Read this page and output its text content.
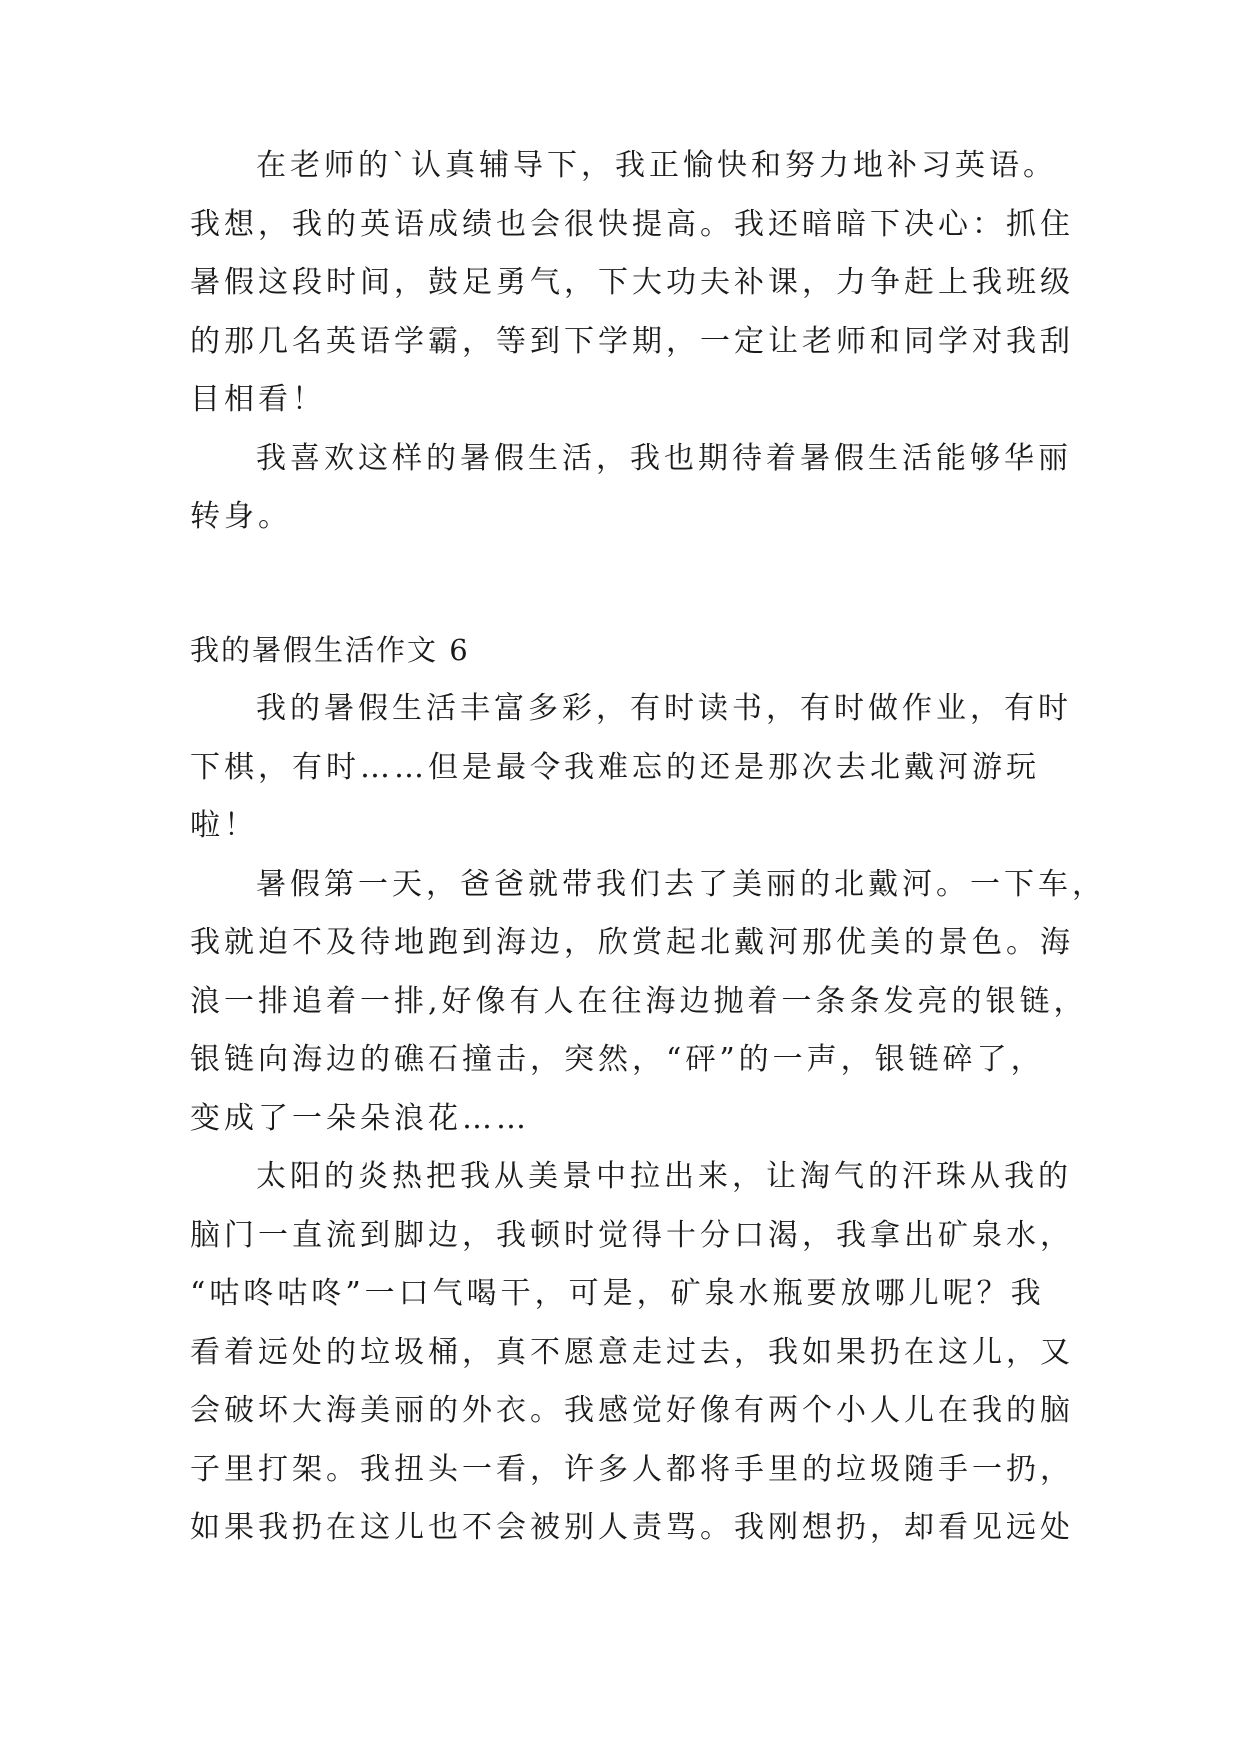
在老师的`认真辅导下，我正愉快和努力地补习英语。
我想，我的英语成绩也会很快提高。我还暗暗下决心：抓住
暑假这段时间，鼓足勇气，下大功夫补课，力争赶上我班级
的那几名英语学霸，等到下学期，一定让老师和同学对我刮
目相看！
我喜欢这样的暑假生活，我也期待着暑假生活能够华丽
转身。
我的暑假生活作文 6
我的暑假生活丰富多彩，有时读书，有时做作业，有时
下棋，有时……但是最令我难忘的还是那次去北戴河游玩
啦！
暑假第一天，爸爸就带我们去了美丽的北戴河。一下车，
我就迫不及待地跑到海边，欣赏起北戴河那优美的景色。海
浪一排追着一排,好像有人在往海边抛着一条条发亮的银链，
银链向海边的礁石撞击，突然，“砰”的一声，银链碎了，
变成了一朵朵浪花……
太阳的炎热把我从美景中拉出来，让淘气的汗珠从我的
脑门一直流到脚边，我顿时觉得十分口渴，我拿出矿泉水，
“咕咚咕咚”一口气喝干，可是，矿泉水瓶要放哪儿呢？我
看着远处的垃圾桶，真不愿意走过去，我如果扔在这儿，又
会破坏大海美丽的外衣。我感觉好像有两个小人儿在我的脑
子里打架。我扭头一看，许多人都将手里的垃圾随手一扔，
如果我扔在这儿也不会被别人责骂。我刚想扔，却看见远处
